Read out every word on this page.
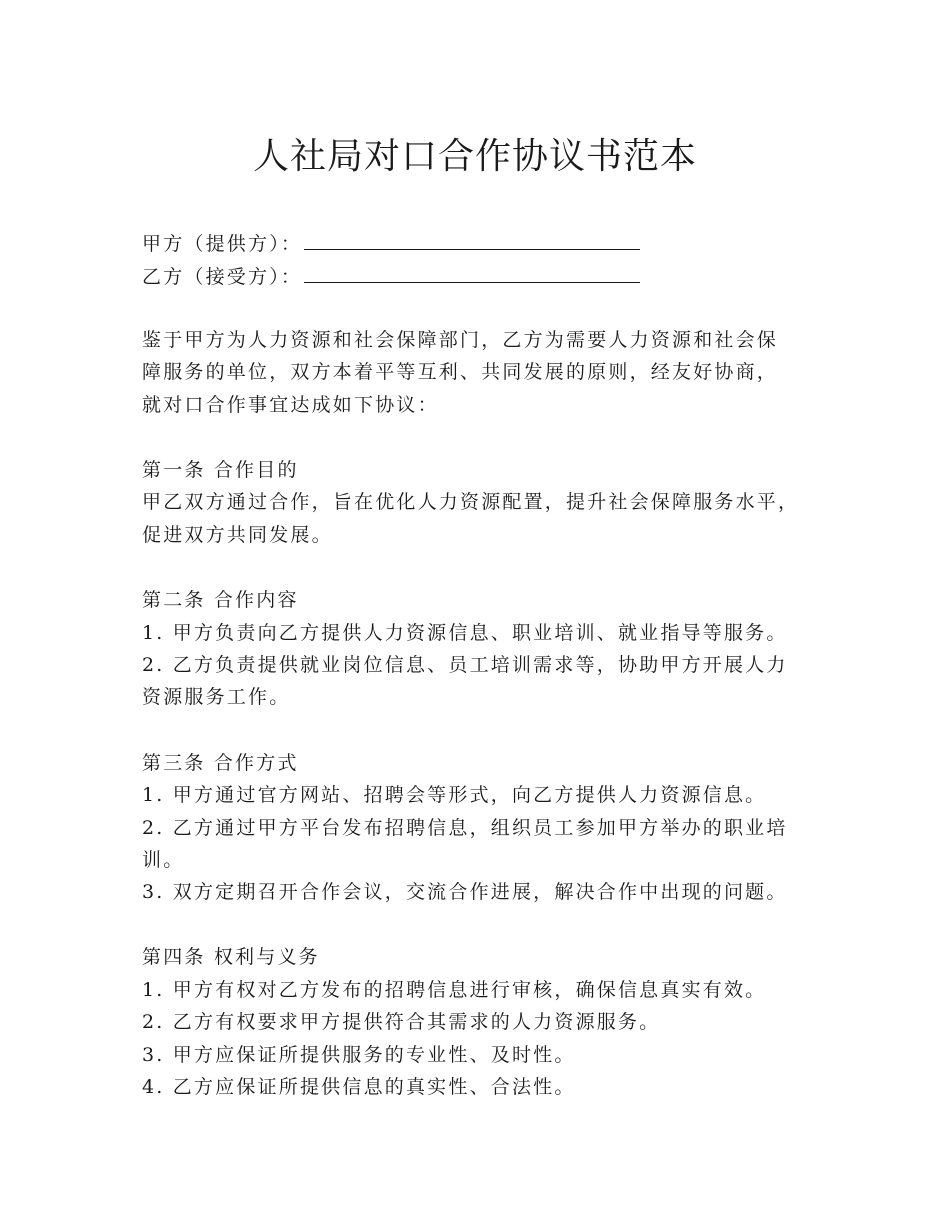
人社局对口合作协议书范本
甲方（提供方）：
乙方（接受方）：
鉴于甲方为人力资源和社会保障部门，乙方为需要人力资源和社会保
障服务的单位，双方本着平等互利、共同发展的原则，经友好协商，
就对口合作事宜达成如下协议：
第一条 合作目的
甲乙双方通过合作，旨在优化人力资源配置，提升社会保障服务水平，
促进双方共同发展。
第二条 合作内容
1. 甲方负责向乙方提供人力资源信息、职业培训、就业指导等服务。
2. 乙方负责提供就业岗位信息、员工培训需求等，协助甲方开展人力
资源服务工作。
第三条 合作方式
1. 甲方通过官方网站、招聘会等形式，向乙方提供人力资源信息。
2. 乙方通过甲方平台发布招聘信息，组织员工参加甲方举办的职业培
训。
3. 双方定期召开合作会议，交流合作进展，解决合作中出现的问题。
第四条 权利与义务
1. 甲方有权对乙方发布的招聘信息进行审核，确保信息真实有效。
2. 乙方有权要求甲方提供符合其需求的人力资源服务。
3. 甲方应保证所提供服务的专业性、及时性。
4. 乙方应保证所提供信息的真实性、合法性。
